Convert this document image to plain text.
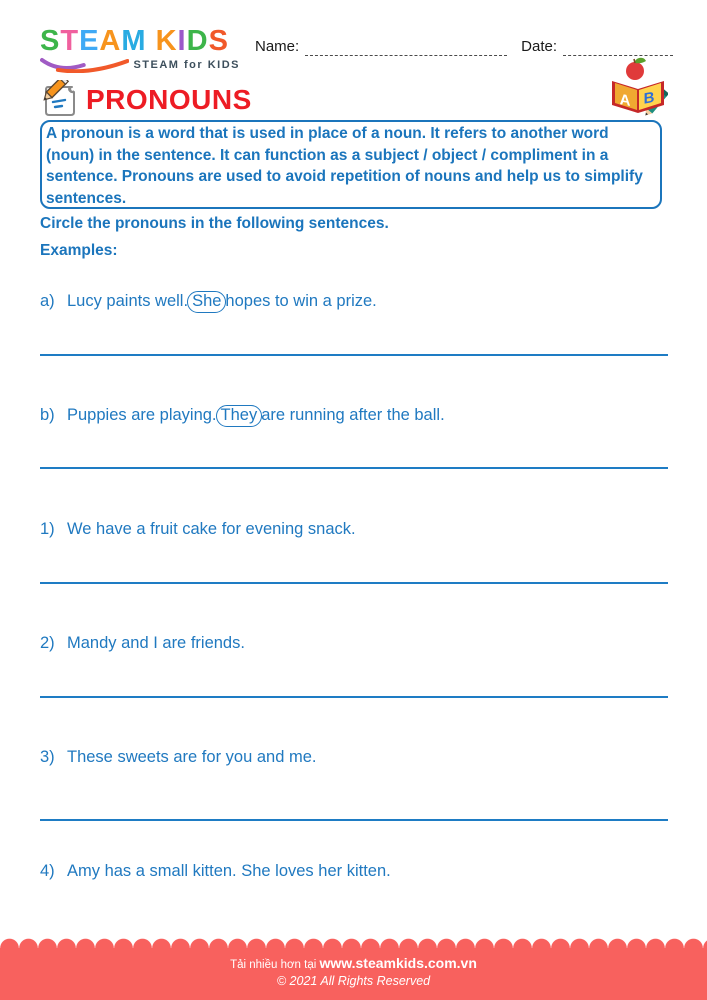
STEAM KIDS
STEAM for KIDS
Name:	Date:
PRONOUNS	A B
A pronoun is a word that is used in place of a noun. It refers to another word (noun) in the sentence. It can function as a subject / object / compliment in a sentence. Pronouns are used to avoid repetition of nouns and help us to simplify sentences.
Circle the pronouns in the following sentences.
Examples:
a) Lucy paints well. She hopes to win a prize.
b) Puppies are playing. They are running after the ball.
1) We have a fruit cake for evening snack.
2) Mandy and I are friends.
3) These sweets are for you and me.
4) Amy has a small kitten. She loves her kitten.
Tải nhiều hơn tại www.steamkids.com.vn
© 2021 All Rights Reserved
